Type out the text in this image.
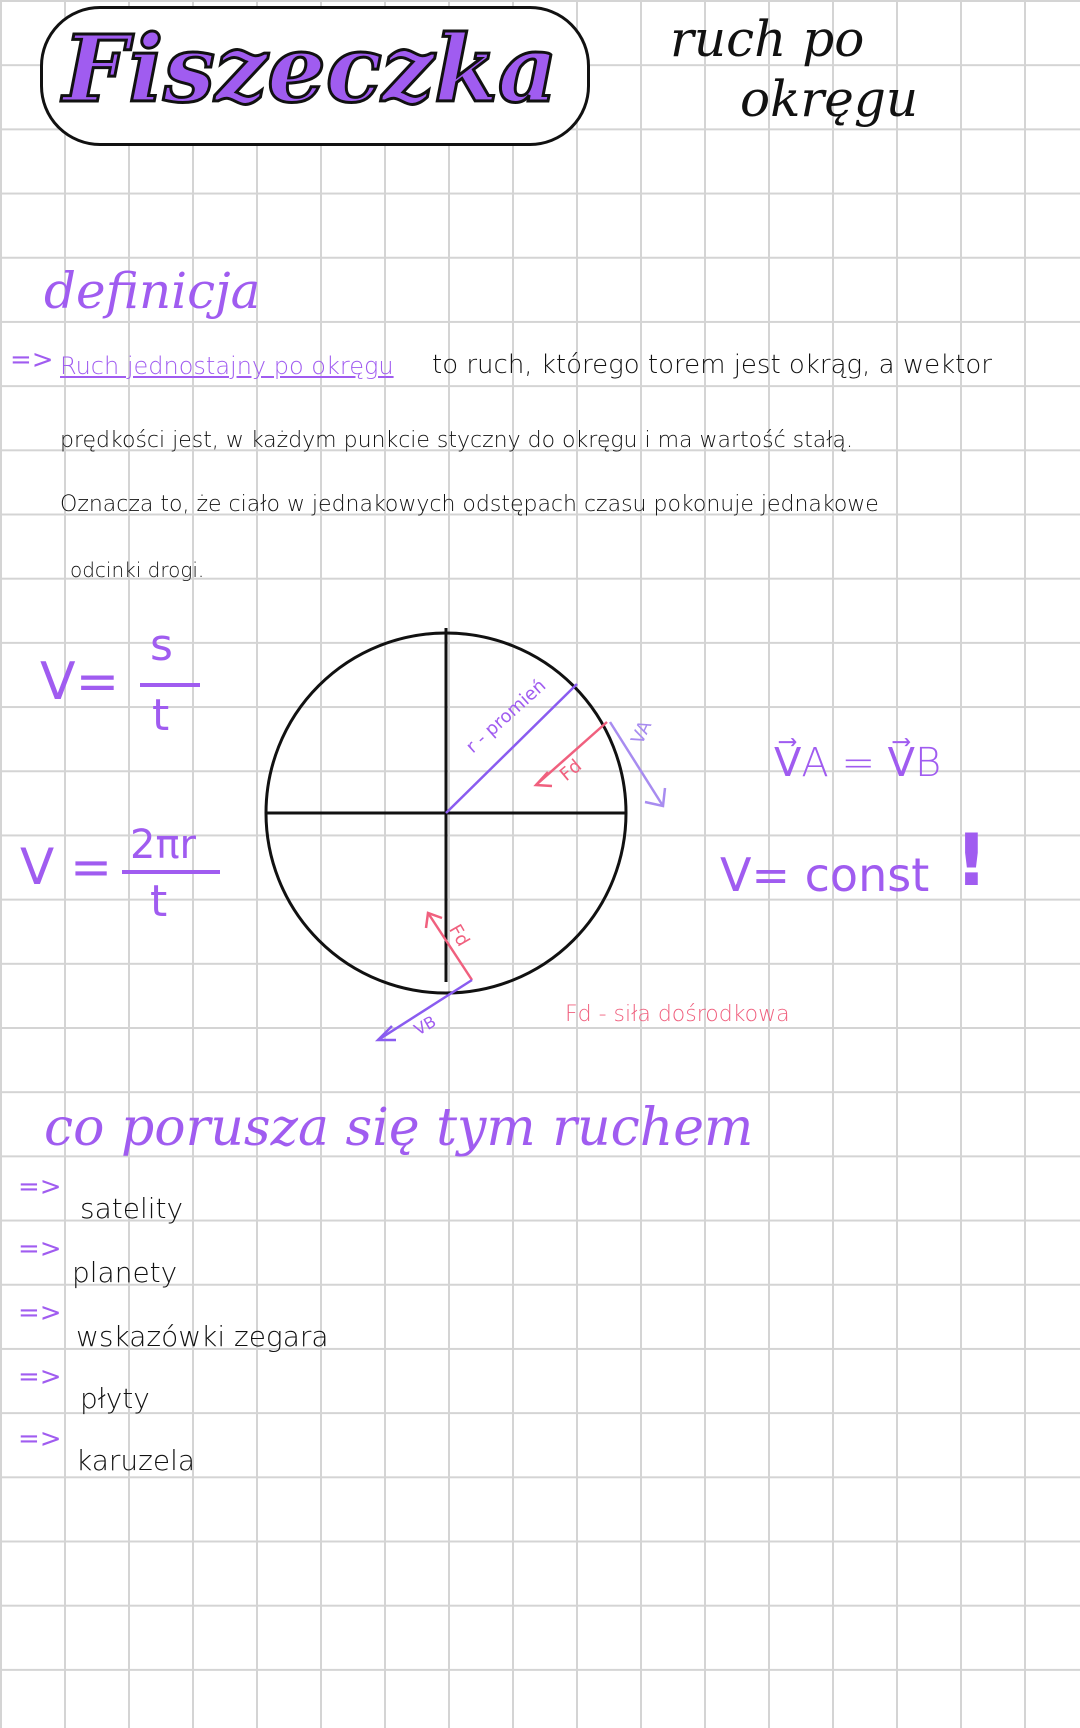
Fiszeczka	ruch po
okręgu
definicja
=> Ruch jednostajny po okręgu to ruch, którego torem jest okrąg, a wektor
prędkości jest, w każdym punkcie styczny do okręgu i ma wartość stałą.
Oznacza to, że ciało w jednakowych odstępach czasu pokonuje jednakowe
odcinki drogi.
V=
s
t
V = 2πr
t
r - promień
Fd
VA
Fd
VB	Fd - siła dośrodkowa
V⃗A = V⃗B
V= const !
co porusza się tym ruchem
=>
satelity
=>
planety
=>
wskazówki zegara
=>
płyty
=>
karuzela
